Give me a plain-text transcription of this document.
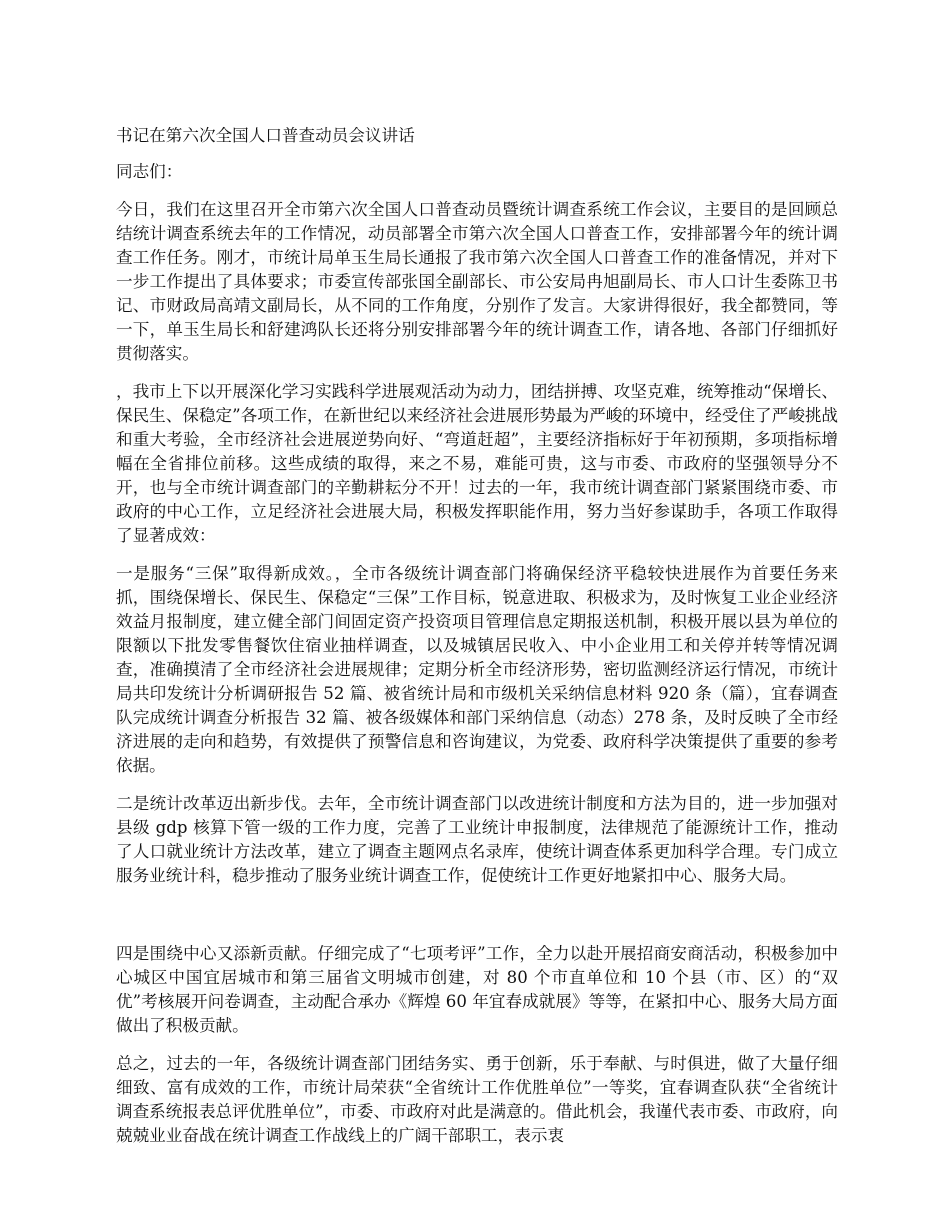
书记在第六次全国人口普查动员会议讲话
同志们：
今日，我们在这里召开全市第六次全国人口普查动员暨统计调查系统工作会议，主要目的是回顾总结统计调查系统去年的工作情况，动员部署全市第六次全国人口普查工作，安排部署今年的统计调查工作任务。刚才，市统计局单玉生局长通报了我市第六次全国人口普查工作的准备情况，并对下一步工作提出了具体要求；市委宣传部张国全副部长、市公安局冉旭副局长、市人口计生委陈卫书记、市财政局高靖文副局长，从不同的工作角度，分别作了发言。大家讲得很好，我全都赞同，等一下，单玉生局长和舒建鸿队长还将分别安排部署今年的统计调查工作，请各地、各部门仔细抓好贯彻落实。
，我市上下以开展深化学习实践科学进展观活动为动力，团结拼搏、攻坚克难，统筹推动“保增长、保民生、保稳定”各项工作，在新世纪以来经济社会进展形势最为严峻的环境中，经受住了严峻挑战和重大考验，全市经济社会进展逆势向好、“弯道赶超”，主要经济指标好于年初预期，多项指标增幅在全省排位前移。这些成绩的取得，来之不易，难能可贵，这与市委、市政府的坚强领导分不开，也与全市统计调查部门的辛勤耕耘分不开！过去的一年，我市统计调查部门紧紧围绕市委、市政府的中心工作，立足经济社会进展大局，积极发挥职能作用，努力当好参谋助手，各项工作取得了显著成效：
一是服务“三保”取得新成效。，全市各级统计调查部门将确保经济平稳较快进展作为首要任务来抓，围绕保增长、保民生、保稳定“三保”工作目标，锐意进取、积极求为，及时恢复工业企业经济效益月报制度，建立健全部门间固定资产投资项目管理信息定期报送机制，积极开展以县为单位的限额以下批发零售餐饮住宿业抽样调查，以及城镇居民收入、中小企业用工和关停并转等情况调查，准确摸清了全市经济社会进展规律；定期分析全市经济形势，密切监测经济运行情况，市统计局共印发统计分析调研报告 52 篇、被省统计局和市级机关采纳信息材料 920 条（篇），宜春调查队完成统计调查分析报告 32 篇、被各级媒体和部门采纳信息（动态）278 条，及时反映了全市经济进展的走向和趋势，有效提供了预警信息和咨询建议，为党委、政府科学决策提供了重要的参考依据。
二是统计改革迈出新步伐。去年，全市统计调查部门以改进统计制度和方法为目的，进一步加强对县级 gdp 核算下管一级的工作力度，完善了工业统计申报制度，法律规范了能源统计工作，推动了人口就业统计方法改革，建立了调查主题网点名录库，使统计调查体系更加科学合理。专门成立服务业统计科，稳步推动了服务业统计调查工作，促使统计工作更好地紧扣中心、服务大局。
四是围绕中心又添新贡献。仔细完成了“七项考评”工作，全力以赴开展招商安商活动，积极参加中心城区中国宜居城市和第三届省文明城市创建，对 80 个市直单位和 10 个县（市、区）的“双优”考核展开问卷调查，主动配合承办《辉煌 60 年宜春成就展》等等，在紧扣中心、服务大局方面做出了积极贡献。
总之，过去的一年，各级统计调查部门团结务实、勇于创新，乐于奉献、与时俱进，做了大量仔细细致、富有成效的工作，市统计局荣获“全省统计工作优胜单位”一等奖，宜春调查队获“全省统计调查系统报表总评优胜单位”，市委、市政府对此是满意的。借此机会，我谨代表市委、市政府，向兢兢业业奋战在统计调查工作战线上的广阔干部职工，表示衷
